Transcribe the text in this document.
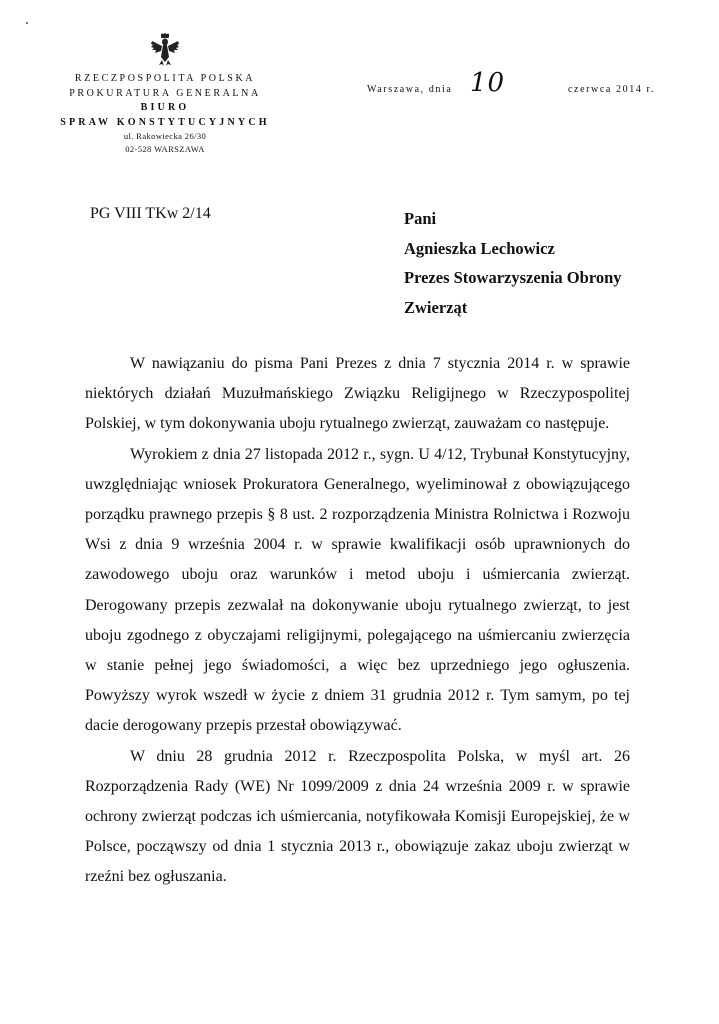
RZECZPOSPOLITA POLSKA
PROKURATURA GENERALNA
BIURO
SPRAW KONSTYTUCYJNYCH
ul. Rakowiecka 26/30
02-528 WARSZAWA
Warszawa, dnia 10	czerwca 2014 r.
PG VIII TKw 2/14	Pani
Agnieszka Lechowicz
Prezes Stowarzyszenia Obrony
Zwierząt

W nawiązaniu do pisma Pani Prezes z dnia 7 stycznia 2014 r. w sprawie niektórych działań Muzułmańskiego Związku Religijnego w Rzeczypospolitej Polskiej, w tym dokonywania uboju rytualnego zwierząt, zauważam co następuje.

Wyrokiem z dnia 27 listopada 2012 r., sygn. U 4/12, Trybunał Konstytucyjny, uwzględniając wniosek Prokuratora Generalnego, wyeliminował z obowiązującego porządku prawnego przepis § 8 ust. 2 rozporządzenia Ministra Rolnictwa i Rozwoju Wsi z dnia 9 września 2004 r. w sprawie kwalifikacji osób uprawnionych do zawodowego uboju oraz warunków i metod uboju i uśmiercania zwierząt. Derogowany przepis zezwalał na dokonywanie uboju rytualnego zwierząt, to jest uboju zgodnego z obyczajami religijnymi, polegającego na uśmiercaniu zwierzęcia w stanie pełnej jego świadomości, a więc bez uprzedniego jego ogłuszenia. Powyższy wyrok wszedł w życie z dniem 31 grudnia 2012 r. Tym samym, po tej dacie derogowany przepis przestał obowiązywać.

W dniu 28 grudnia 2012 r. Rzeczpospolita Polska, w myśl art. 26 Rozporządzenia Rady (WE) Nr 1099/2009 z dnia 24 września 2009 r. w sprawie ochrony zwierząt podczas ich uśmiercania, notyfikowała Komisji Europejskiej, że w Polsce, począwszy od dnia 1 stycznia 2013 r., obowiązuje zakaz uboju zwierząt w rzeźni bez ogłuszania.
